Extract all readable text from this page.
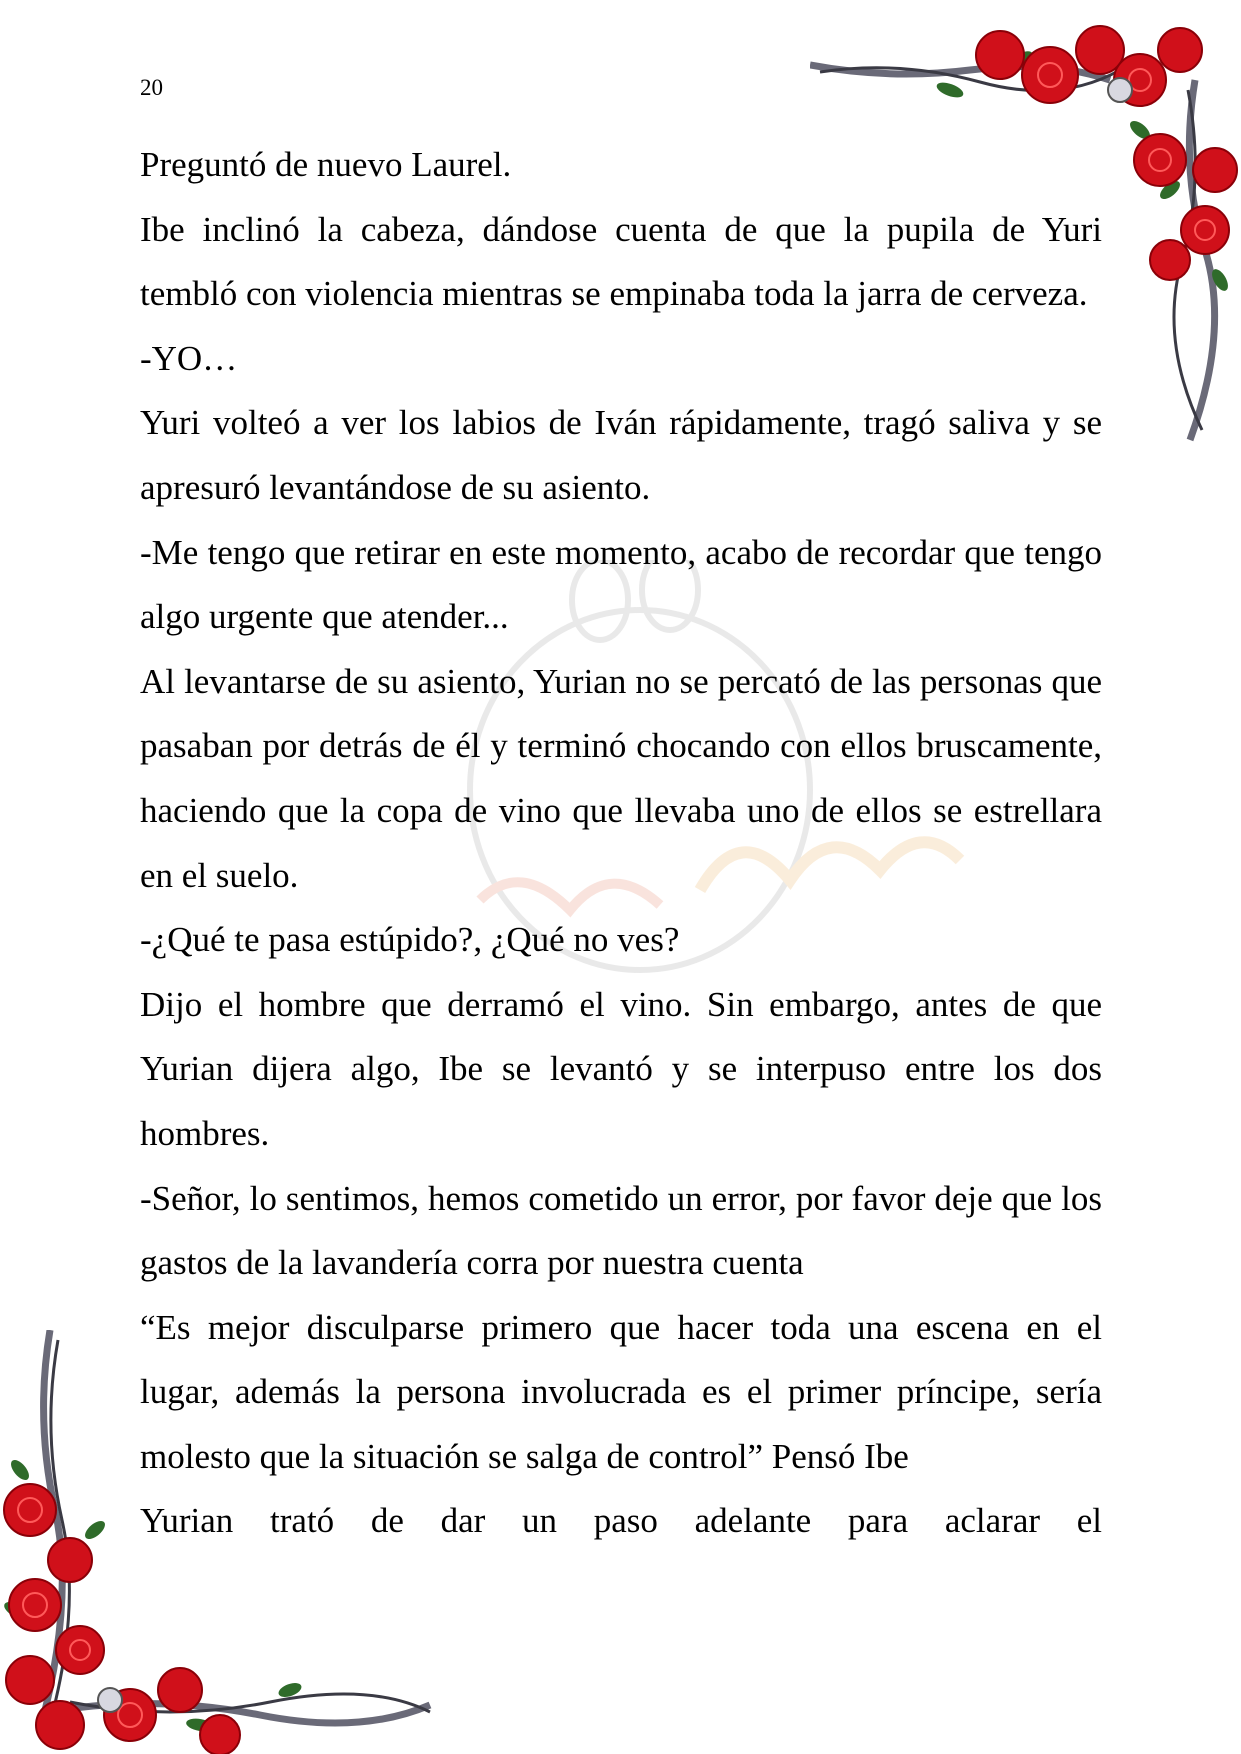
20

Preguntó de nuevo Laurel.

Ibe inclinó la cabeza, dándose cuenta de que la pupila de Yuri tembló con violencia mientras se empinaba toda la jarra de cerveza.

-YO…

Yuri volteó a ver los labios de Iván rápidamente, tragó saliva y se apresuró levantándose de su asiento.

-Me tengo que retirar en este momento, acabo de recordar que tengo algo urgente que atender...

Al levantarse de su asiento, Yurian no se percató de las personas que pasaban por detrás de él y terminó chocando con ellos bruscamente, haciendo que la copa de vino que llevaba uno de ellos se estrellara en el suelo.

-¿Qué te pasa estúpido?, ¿Qué no ves?

Dijo el hombre que derramó el vino. Sin embargo, antes de que Yurian dijera algo, Ibe se levantó y se interpuso entre los dos hombres.

-Señor, lo sentimos, hemos cometido un error, por favor deje que los gastos de la lavandería corra por nuestra cuenta

“Es mejor disculparse primero que hacer toda una escena en el lugar, además la persona involucrada es el primer príncipe, sería molesto que la situación se salga de control” Pensó Ibe

Yurian trató de dar un paso adelante para aclarar el
